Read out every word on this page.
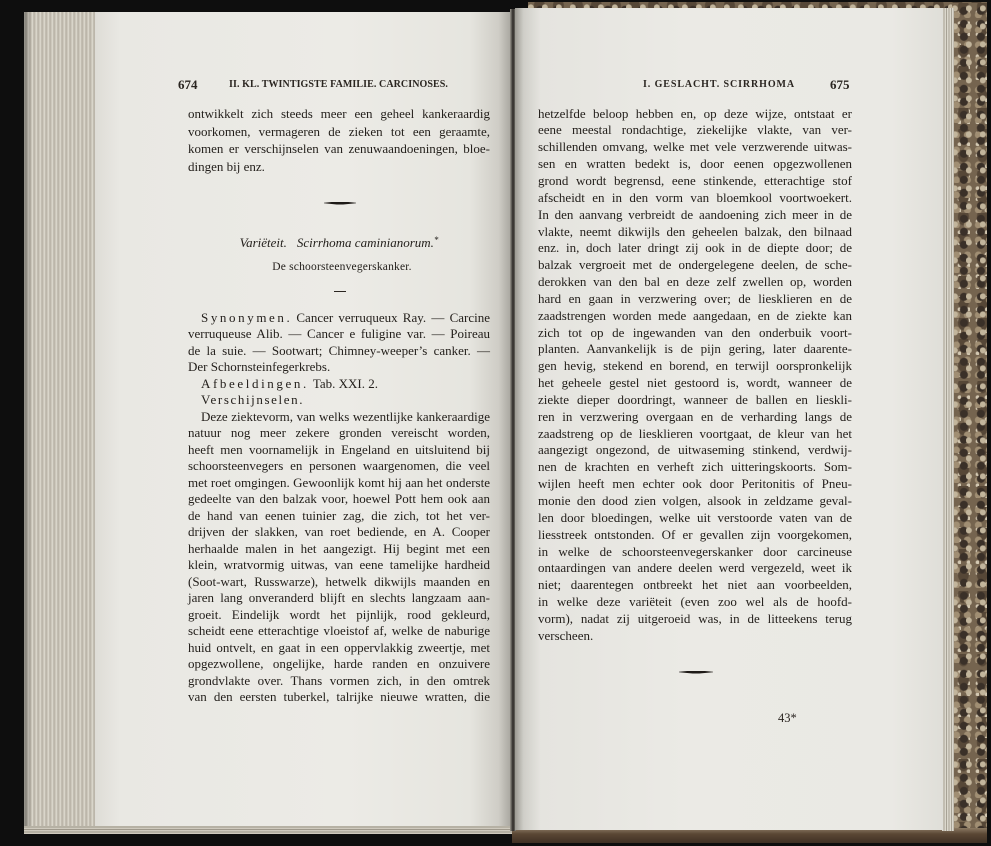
674	II. KL. TWINTIGSTE FAMILIE. CARCINOSES.
ontwikkelt zich steeds meer een geheel kankeraardig
voorkomen, vermageren de zieken tot een geraamte,
komen er verschijnselen van zenuwaandoeningen, bloe-
dingen bij enz.
Variëteit. Scirrhoma caminianorum.*
De schoorsteenvegerskanker.
Synonymen. Cancer verruqueux Ray. — Carcine
verruqueuse Alib. — Cancer e fuligine var. — Poireau
de la suie. — Sootwart; Chimney-weeper’s canker. —
Der Schornsteinfegerkrebs.
Afbeeldingen. Tab. XXI. 2.
Verschijnselen.
Deze ziektevorm, van welks wezentlijke kankeraardige
natuur nog meer zekere gronden vereischt worden,
heeft men voornamelijk in Engeland en uitsluitend bij
schoorsteenvegers en personen waargenomen, die veel
met roet omgingen. Gewoonlijk komt hij aan het onderste
gedeelte van den balzak voor, hoewel Pott hem ook aan
de hand van eenen tuinier zag, die zich, tot het ver-
drijven der slakken, van roet bediende, en A. Cooper
herhaalde malen in het aangezigt. Hij begint met een
klein, wratvormig uitwas, van eene tamelijke hardheid
(Soot-wart, Russwarze), hetwelk dikwijls maanden en
jaren lang onveranderd blijft en slechts langzaam aan-
groeit. Eindelijk wordt het pijnlijk, rood gekleurd,
scheidt eene etterachtige vloeistof af, welke de naburige
huid ontvelt, en gaat in een oppervlakkig zweertje, met
opgezwollene, ongelijke, harde randen en onzuivere
grondvlakte over. Thans vormen zich, in den omtrek
van den eersten tuberkel, talrijke nieuwe wratten, die
I. GESLACHT. SCIRRHOMA	675
hetzelfde beloop hebben en, op deze wijze, ontstaat er
eene meestal rondachtige, ziekelijke vlakte, van ver-
schillenden omvang, welke met vele verzwerende uitwas-
sen en wratten bedekt is, door eenen opgezwollenen
grond wordt begrensd, eene stinkende, etterachtige stof
afscheidt en in den vorm van bloemkool voortwoekert.
In den aanvang verbreidt de aandoening zich meer in de
vlakte, neemt dikwijls den geheelen balzak, den bilnaad
enz. in, doch later dringt zij ook in de diepte door; de
balzak vergroeit met de ondergelegene deelen, de sche-
derokken van den bal en deze zelf zwellen op, worden
hard en gaan in verzwering over; de liesklieren en de
zaadstrengen worden mede aangedaan, en de ziekte kan
zich tot op de ingewanden van den onderbuik voort-
planten. Aanvankelijk is de pijn gering, later daarente-
gen hevig, stekend en borend, en terwijl oorspronkelijk
het geheele gestel niet gestoord is, wordt, wanneer de
ziekte dieper doordringt, wanneer de ballen en lieskli-
ren in verzwering overgaan en de verharding langs de
zaadstreng op de liesklieren voortgaat, de kleur van het
aangezigt ongezond, de uitwaseming stinkend, verdwij-
nen de krachten en verheft zich uitteringskoorts. Som-
wijlen heeft men echter ook door Peritonitis of Pneu-
monie den dood zien volgen, alsook in zeldzame geval-
len door bloedingen, welke uit verstoorde vaten van de
liesstreek ontstonden. Of er gevallen zijn voorgekomen,
in welke de schoorsteenvegerskanker door carcineuse
ontaardingen van andere deelen werd vergezeld, weet ik
niet; daarentegen ontbreekt het niet aan voorbeelden,
in welke deze variëteit (even zoo wel als de hoofd-
vorm), nadat zij uitgeroeid was, in de litteekens terug
verscheen.
43*
